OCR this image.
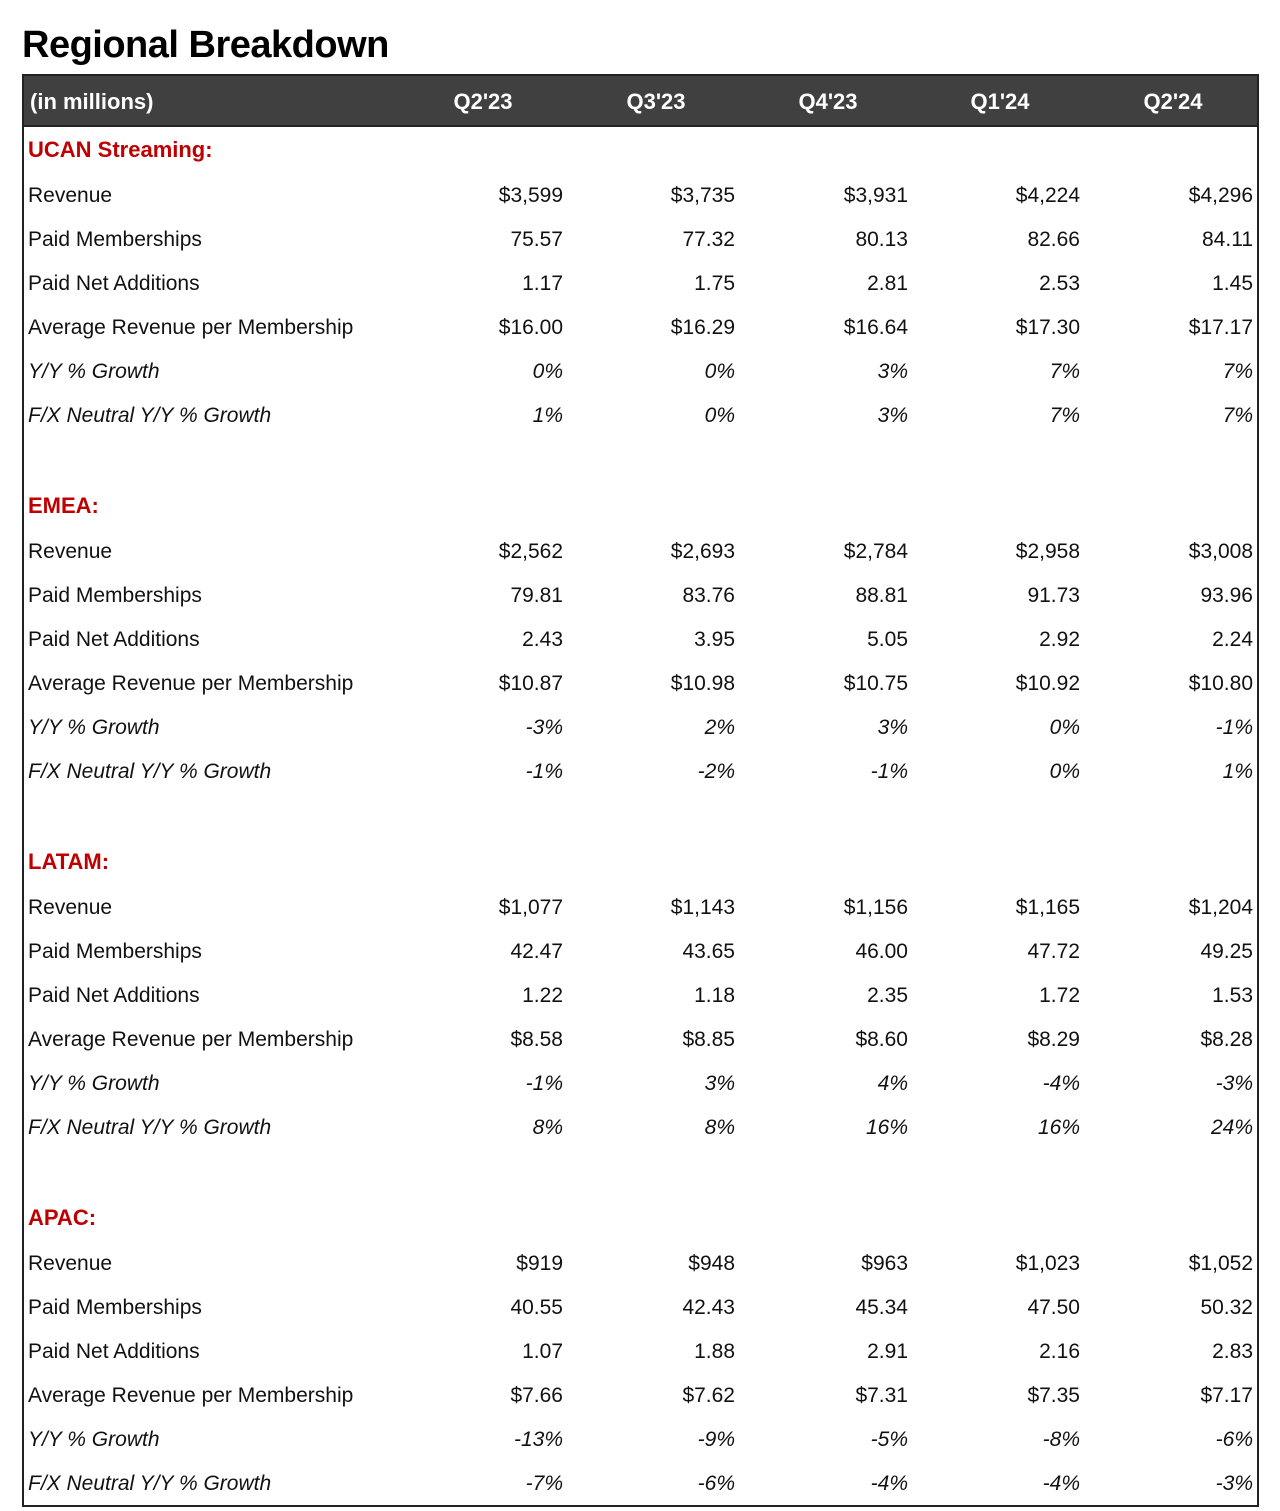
Regional Breakdown
(in millions)	Q2'23	Q3'23	Q4'23	Q1'24	Q2'24
UCAN Streaming:
Revenue	$3,599	$3,735	$3,931	$4,224	$4,296
Paid Memberships	75.57	77.32	80.13	82.66	84.11
Paid Net Additions	1.17	1.75	2.81	2.53	1.45
Average Revenue per Membership	$16.00	$16.29	$16.64	$17.30	$17.17
Y/Y % Growth	0%	0%	3%	7%	7%
F/X Neutral Y/Y % Growth	1%	0%	3%	7%	7%
EMEA:
Revenue	$2,562	$2,693	$2,784	$2,958	$3,008
Paid Memberships	79.81	83.76	88.81	91.73	93.96
Paid Net Additions	2.43	3.95	5.05	2.92	2.24
Average Revenue per Membership	$10.87	$10.98	$10.75	$10.92	$10.80
Y/Y % Growth	-3%	2%	3%	0%	-1%
F/X Neutral Y/Y % Growth	-1%	-2%	-1%	0%	1%
LATAM:
Revenue	$1,077	$1,143	$1,156	$1,165	$1,204
Paid Memberships	42.47	43.65	46.00	47.72	49.25
Paid Net Additions	1.22	1.18	2.35	1.72	1.53
Average Revenue per Membership	$8.58	$8.85	$8.60	$8.29	$8.28
Y/Y % Growth	-1%	3%	4%	-4%	-3%
F/X Neutral Y/Y % Growth	8%	8%	16%	16%	24%
APAC:
Revenue	$919	$948	$963	$1,023	$1,052
Paid Memberships	40.55	42.43	45.34	47.50	50.32
Paid Net Additions	1.07	1.88	2.91	2.16	2.83
Average Revenue per Membership	$7.66	$7.62	$7.31	$7.35	$7.17
Y/Y % Growth	-13%	-9%	-5%	-8%	-6%
F/X Neutral Y/Y % Growth	-7%	-6%	-4%	-4%	-3%
